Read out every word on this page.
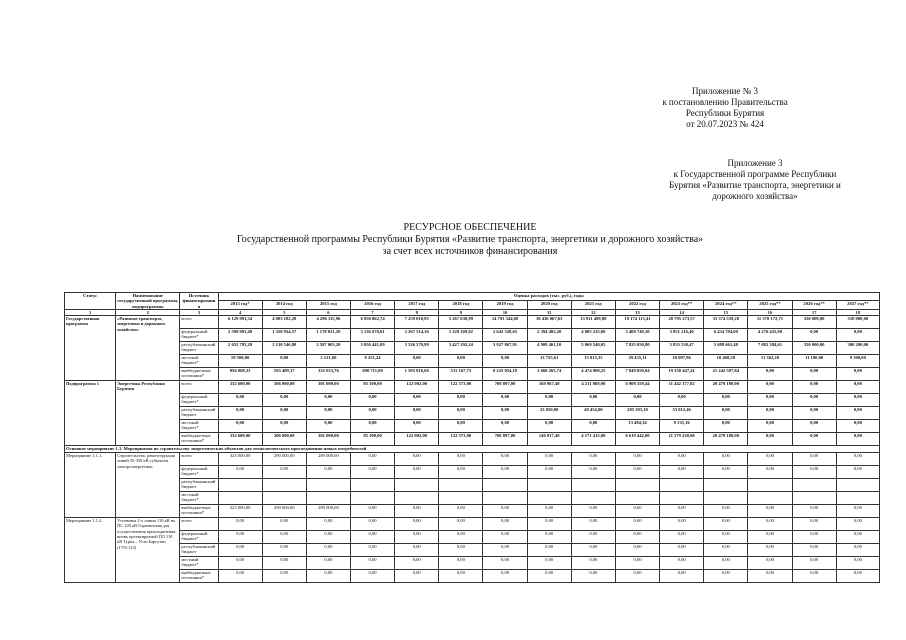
Приложение № 3
к постановлению Правительства
Республики Бурятия
от 20.07.2023 № 424
Приложение 3
к Государственной программе Республики
Бурятия «Развитие транспорта, энергетики и
дорожного хозяйства»
РЕСУРСНОЕ ОБЕСПЕЧЕНИЕ
Государственной программы Республики Бурятия «Развитие транспорта, энергетики и дорожного хозяйства»
за счет всех источников финансирования
Статус	Наименование государственной программы, подпрограммы	Источник финансирования	Оценка расходов (тыс. руб.), годы														
			2013 год*	2014 год	2015 год	2016 год	2017 год	2018 год	2019 год	2020 год	2021 год	2022 год	2023 год**	2024 год**	2025 год**	2026 год**	2027 год**
1	2	3	4	5	6	7	8	9	10	11	12	13	14	15	16	17	18
Государственная программа	«Развитие транспорта, энергетики и дорожного хозяйства»	всего	6 129 991,34	4 083 182,28	4 296 115,96	6 850 862,74	7 259 010,95	5 267 638,99	14 793 344,69	10 436 067,63	13 911 489,08	19 174 113,41	28 795 273,57	33 374 539,28	11 370 172,71	350 000,00	310 000,00
		федеральный бюджет*	2 598 093,40	1 350 934,57	1 178 021,50	3 136 070,01	2 267 514,36	1 329 169,02	2 642 328,65	2 394 482,20	4 005 225,60	3 409 740,30	3 851 216,40	6 434 794,60	4 276 425,90	0,00	0,00
		республиканский бюджет	2 655 783,29	2 130 546,80	2 587 003,20	3 056 441,09	3 526 579,99	3 427 292,24	3 927 867,91	4 909 461,10	5 069 540,05	7 825 050,80	5 835 530,47	5 688 661,48	7 082 384,61	350 000,00	300 200,00
		местный бюджет*	19 500,00	0,00	2 121,60	8 251,24	0,00	0,00	0,00	13 755,61	15 013,35	29 435,11	10 097,86	10 468,20	11 362,20	11 100,00	9 300,00
		внебюджетные источники*	856 068,33	593 489,37	332 033,76	690 711,00	1 505 816,60	511 167,73	8 225 054,18	3 660 265,74	4 474 909,25	7 849 850,04	19 350 447,41	21 242 587,84	0,00	0,00	0,00
Подпрограмма 1	Энергетика Республики Бурятия	всего	332 600,00	306 000,00	301 000,00	85 100,00	122 002,00	122 573,00	700 897,00	169 967,40	4 211 869,00	6 908 359,44	11 442 377,02	20 479 180,00	0,00	0,00	0,00
		федеральный бюджет*	0,00	0,00	0,00	0,00	0,00	0,00	0,00	0,00	0,00	0,00	0,00	0,00	0,00	0,00	0,00
		республиканский бюджет	0,00	0,00	0,00	0,00	0,00	0,00	0,00	23 050,00	40 454,00	295 393,10	53 012,46	0,00	0,00	0,00	0,00
		местный бюджет*	0,00	0,00	0,00	0,00	0,00	0,00	0,00	0,00	0,00	13 494,34	9 135,16	0,00	0,00	0,00	0,00
		внебюджетные источники*	332 600,00	306 000,00	301 000,00	85 100,00	122 002,00	122 573,00	700 897,00	146 917,40	4 171 415,00	6 619 442,00	11 379 230,00	20 479 180,00	0,00	0,00	0,00
Основное мероприятие 1.1. Мероприятия по строительству энергетических объектов для технологического присоединения новых потребителей																	
Мероприятие 1.1.1.	Строительство, реконструкция линий 35-350 кВ субъектов электроэнергетики	всего	323 000,00	290 000,00	289 000,00	0,00	0,00	0,00	0,00	0,00	0,00	0,00	0,00	0,00	0,00	0,00	0,00
		федеральный бюджет*	0,00	0,00	0,00	0,00	0,00	0,00	0,00	0,00	0,00	0,00	0,00	0,00	0,00	0,00	0,00
		республиканский бюджет															
		местный бюджет*															
		внебюджетные источники*	323 000,00	290 000,00	289 000,00	0,00	0,00	0,00	0,00	0,00	0,00	0,00	0,00	0,00	0,00	0,00	0,00
Мероприятие 1.1.2.	Установка 2-х линии 110 кВ на ПС 220 кВ Горячинская для осуществления присоединения вновь проектируемой ПЛ 110 кВ Турка – Усть-Баргузин (ГУБ-112)	всего	0,00	0,00	0,00	0,00	0,00	0,00	0,00	0,00	0,00	0,00	0,00	0,00	0,00	0,00	0,00
		федеральный бюджет*	0,00	0,00	0,00	0,00	0,00	0,00	0,00	0,00	0,00	0,00	0,00	0,00	0,00	0,00	0,00
		республиканский бюджет	0,00	0,00	0,00	0,00	0,00	0,00	0,00	0,00	0,00	0,00	0,00	0,00	0,00	0,00	0,00
		местный бюджет*	0,00	0,00	0,00	0,00	0,00	0,00	0,00	0,00	0,00	0,00	0,00	0,00	0,00	0,00	0,00
		внебюджетные источники*	0,00	0,00	0,00	0,00	0,00	0,00	0,00	0,00	0,00	0,00	0,00	0,00	0,00	0,00	0,00
